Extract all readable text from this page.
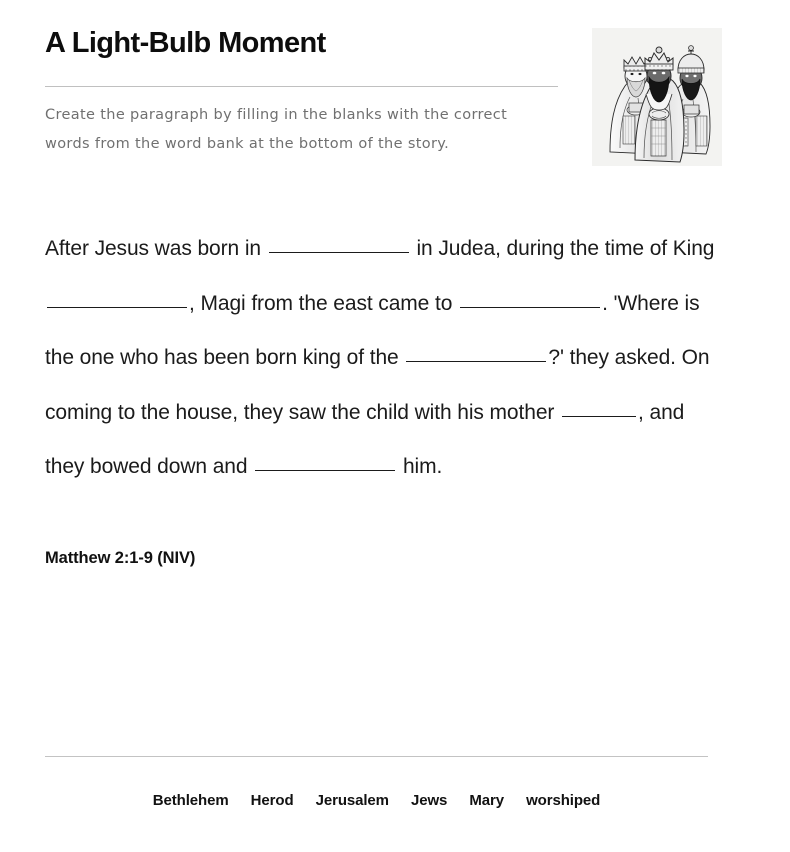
A Light-Bulb Moment
Create the paragraph by filling in the blanks with the correct words from the word bank at the bottom of the story.
After Jesus was born in	in Judea, during the time of King , Magi from the east came to	. 'Where is the one who has been born king of the	?' they asked. On coming to the house, they saw the child with his mother	, and they bowed down and	him.
Matthew 2:1-9 (NIV)
Bethlehem Herod Jerusalem Jews Mary worshiped
